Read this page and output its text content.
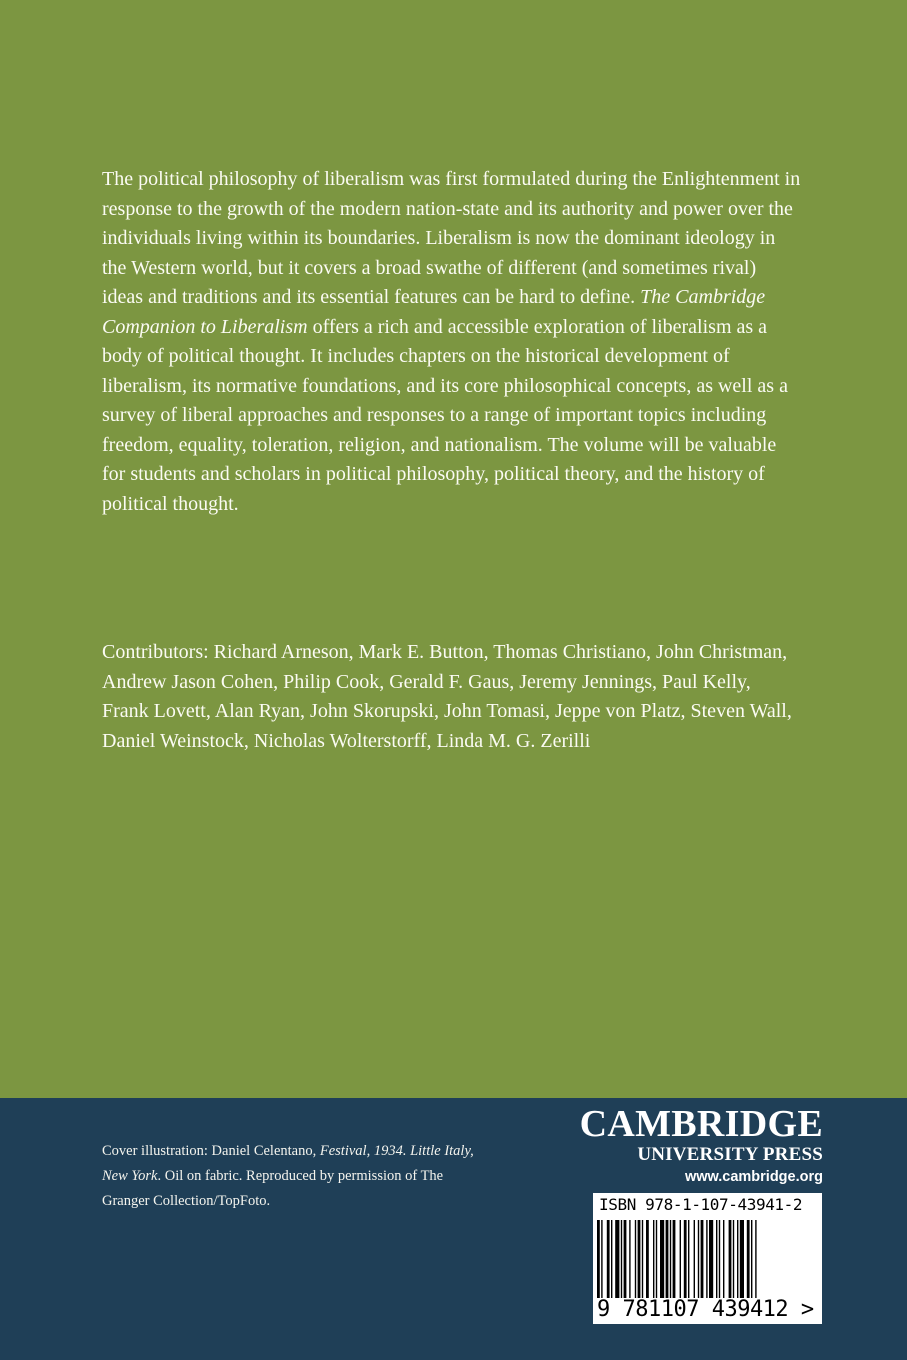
The political philosophy of liberalism was first formulated during the Enlightenment in response to the growth of the modern nation-state and its authority and power over the individuals living within its boundaries. Liberalism is now the dominant ideology in the Western world, but it covers a broad swathe of different (and sometimes rival) ideas and traditions and its essential features can be hard to define. The Cambridge Companion to Liberalism offers a rich and accessible exploration of liberalism as a body of political thought. It includes chapters on the historical development of liberalism, its normative foundations, and its core philosophical concepts, as well as a survey of liberal approaches and responses to a range of important topics including freedom, equality, toleration, religion, and nationalism. The volume will be valuable for students and scholars in political philosophy, political theory, and the history of political thought.

Contributors: Richard Arneson, Mark E. Button, Thomas Christiano, John Christman, Andrew Jason Cohen, Philip Cook, Gerald F. Gaus, Jeremy Jennings, Paul Kelly, Frank Lovett, Alan Ryan, John Skorupski, John Tomasi, Jeppe von Platz, Steven Wall, Daniel Weinstock, Nicholas Wolterstorff, Linda M. G. Zerilli

Cover illustration: Daniel Celentano, Festival, 1934. Little Italy, New York. Oil on fabric. Reproduced by permission of The Granger Collection/TopFoto.
CAMBRIDGE
UNIVERSITY PRESS
www.cambridge.org
ISBN 978-1-107-43941-2
9 781107 439412 >
